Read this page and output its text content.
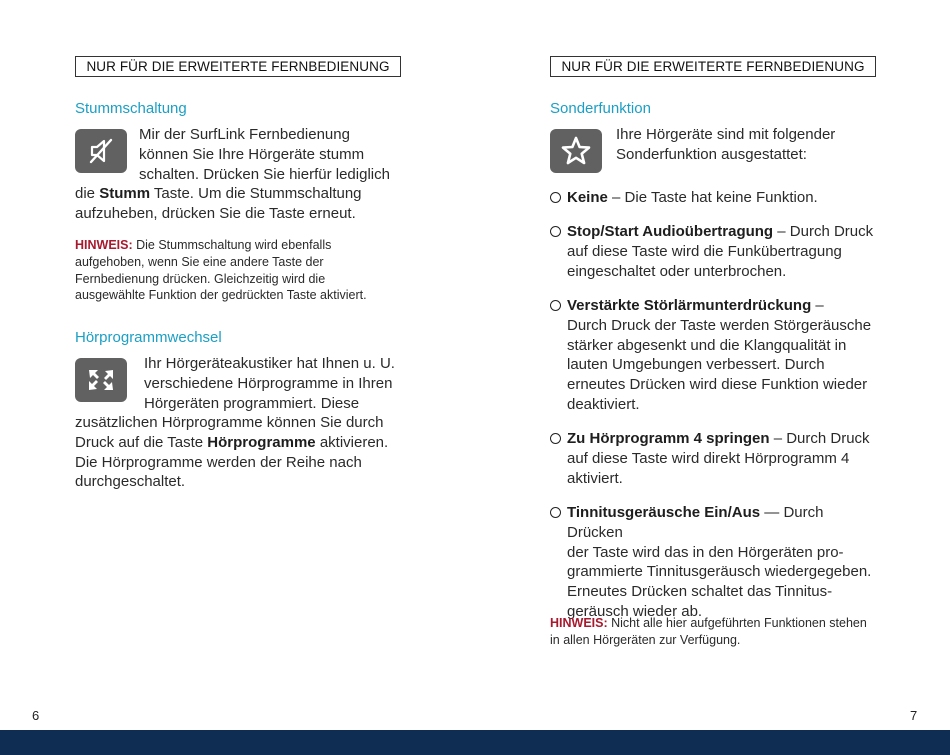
NUR FÜR DIE ERWEITERTE FERNBEDIENUNG
Stummschaltung
Mir der SurfLink Fernbedienung
können Sie Ihre Hörgeräte stumm
schalten. Drücken Sie hierfür lediglich
die Stumm Taste. Um die Stummschaltung
aufzuheben, drücken Sie die Taste erneut.
HINWEIS: Die Stummschaltung wird ebenfalls
aufgehoben, wenn Sie eine andere Taste der
Fernbedienung drücken. Gleichzeitig wird die
ausgewählte Funktion der gedrückten Taste aktiviert.
Hörprogrammwechsel
Ihr Hörgeräteakustiker hat Ihnen u. U.
verschiedene Hörprogramme in Ihren
Hörgeräten programmiert. Diese
zusätzlichen Hörprogramme können Sie durch
Druck auf die Taste Hörprogramme aktivieren.
Die Hörprogramme werden der Reihe nach
durchgeschaltet.
6
NUR FÜR DIE ERWEITERTE FERNBEDIENUNG
Sonderfunktion
Ihre Hörgeräte sind mit folgender
Sonderfunktion ausgestattet:
Keine – Die Taste hat keine Funktion.
Stop/Start Audioübertragung – Durch Druck
auf diese Taste wird die Funkübertragung
eingeschaltet oder unterbrochen.
Verstärkte Störlärmunterdrückung –
Durch Druck der Taste werden Störgeräusche
stärker abgesenkt und die Klangqualität in
lauten Umgebungen verbessert. Durch
erneutes Drücken wird diese Funktion wieder
deaktiviert.
Zu Hörprogramm 4 springen – Durch Druck
auf diese Taste wird direkt Hörprogramm 4
aktiviert.
Tinnitusgeräusche Ein/Aus — Durch Drücken
der Taste wird das in den Hörgeräten pro-
grammierte Tinnitusgeräusch wiedergegeben.
Erneutes Drücken schaltet das Tinnitus-
geräusch wieder ab.
HINWEIS: Nicht alle hier aufgeführten Funktionen stehen
in allen Hörgeräten zur Verfügung.
7
